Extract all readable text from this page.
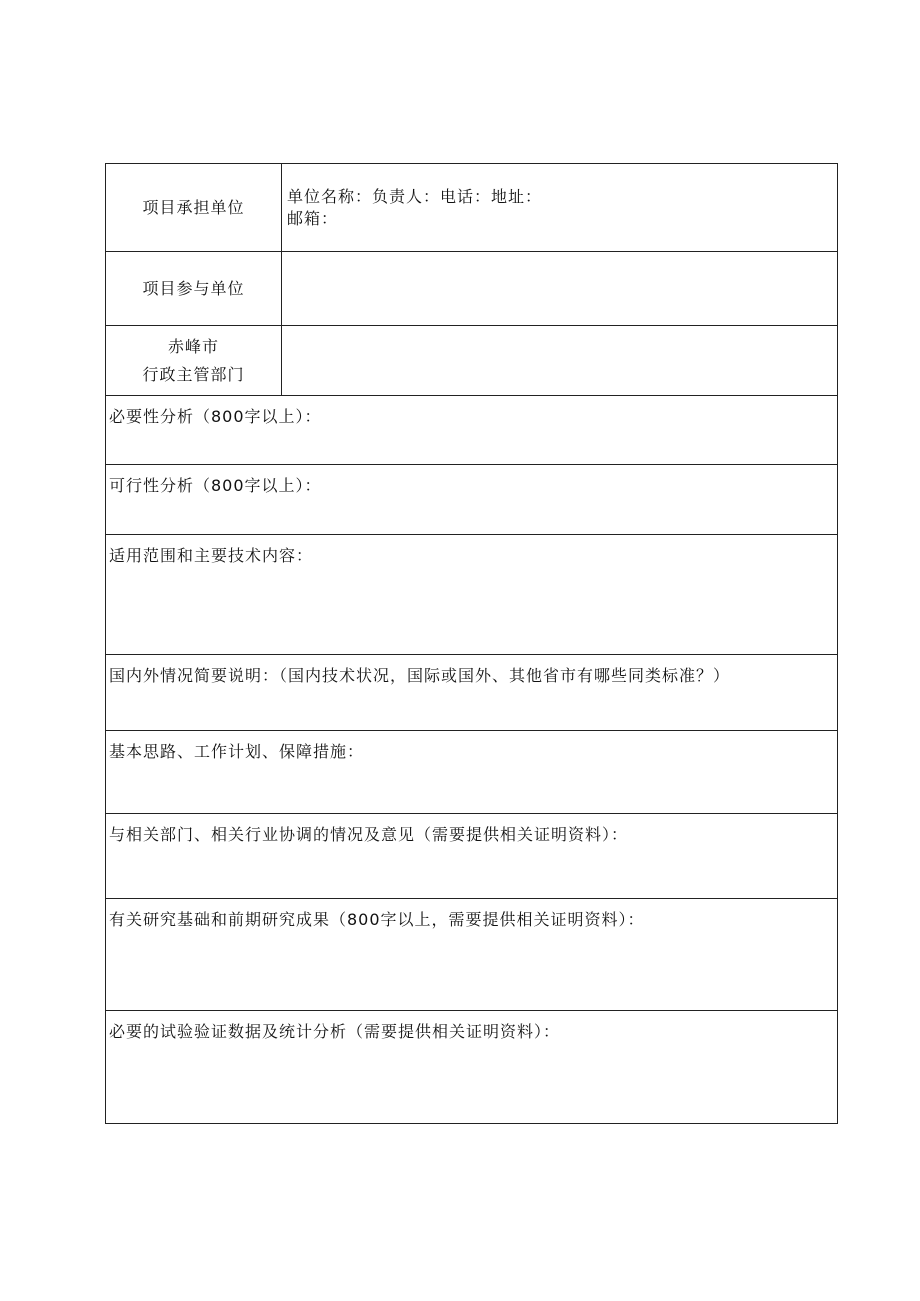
项目承担单位
单位名称：负责人：电话：地址：
邮箱：
项目参与单位
赤峰市
行政主管部门
必要性分析（800字以上）：
可行性分析（800字以上）：
适用范围和主要技术内容：
国内外情况简要说明：（国内技术状况，国际或国外、其他省市有哪些同类标准？）
基本思路、工作计划、保障措施：
与相关部门、相关行业协调的情况及意见（需要提供相关证明资料）：
有关研究基础和前期研究成果（800字以上，需要提供相关证明资料）：
必要的试验验证数据及统计分析（需要提供相关证明资料）：
